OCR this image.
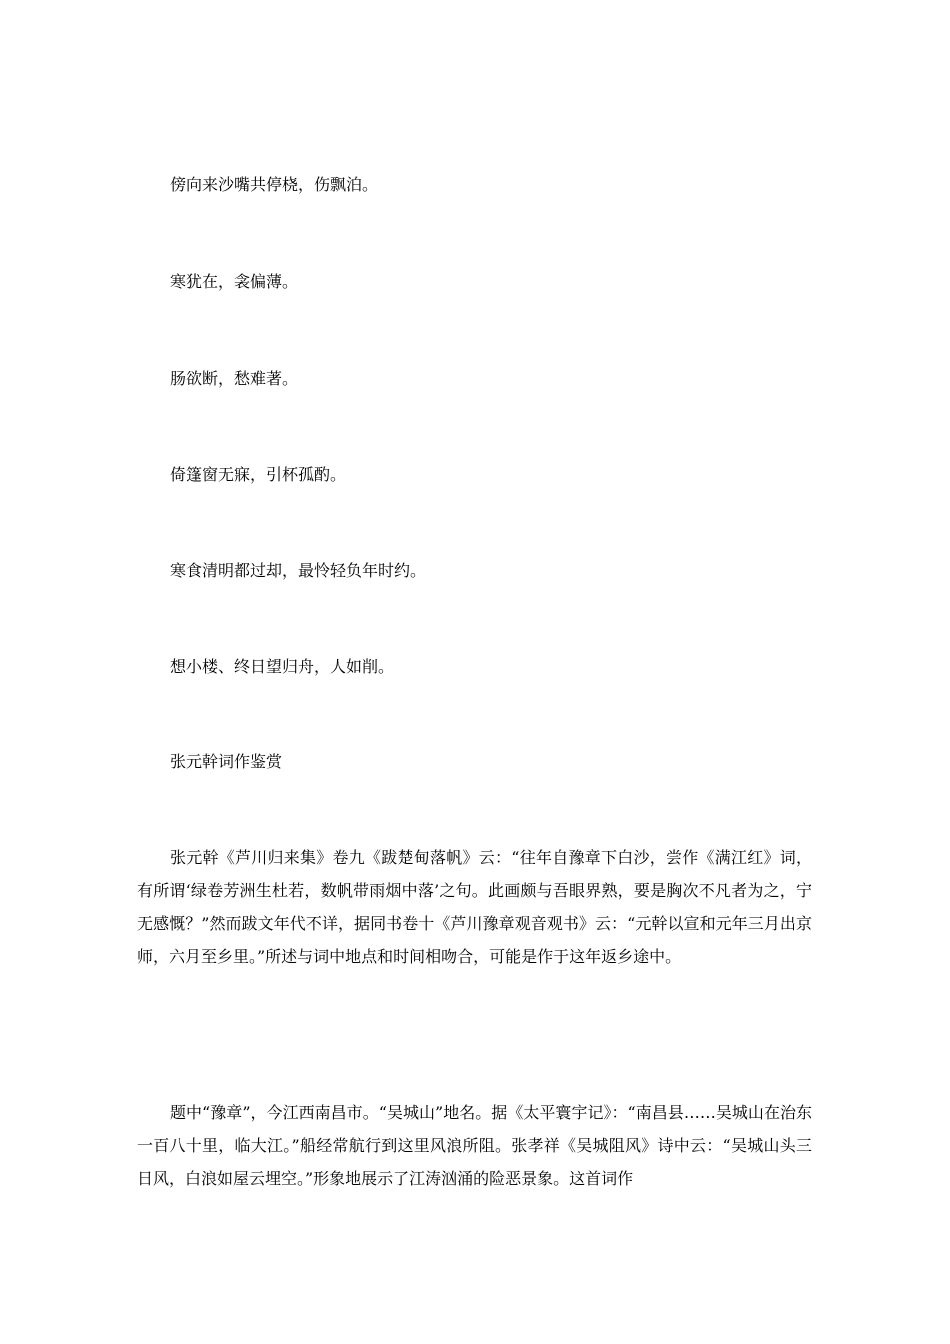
傍向来沙嘴共停桡，伤飘泊。
寒犹在，衾偏薄。
肠欲断，愁难著。
倚篷窗无寐，引杯孤酌。
寒食清明都过却，最怜轻负年时约。
想小楼、终日望归舟，人如削。
张元幹词作鉴赏
张元幹《芦川归来集》卷九《跋楚甸落帆》云：“往年自豫章下白沙，尝作《满江红》词，有所谓‘绿卷芳洲生杜若，数帆带雨烟中落’之句。此画颇与吾眼界熟，要是胸次不凡者为之，宁无感慨？”然而跋文年代不详，据同书卷十《芦川豫章观音观书》云：“元幹以宣和元年三月出京师，六月至乡里。”所述与词中地点和时间相吻合，可能是作于这年返乡途中。
题中“豫章”，今江西南昌市。“吴城山”地名。据《太平寰宇记》：“南昌县……吴城山在治东一百八十里，临大江。”船经常航行到这里风浪所阻。张孝祥《吴城阻风》诗中云：“吴城山头三日风，白浪如屋云埋空。”形象地展示了江涛汹涌的险恶景象。这首词作
